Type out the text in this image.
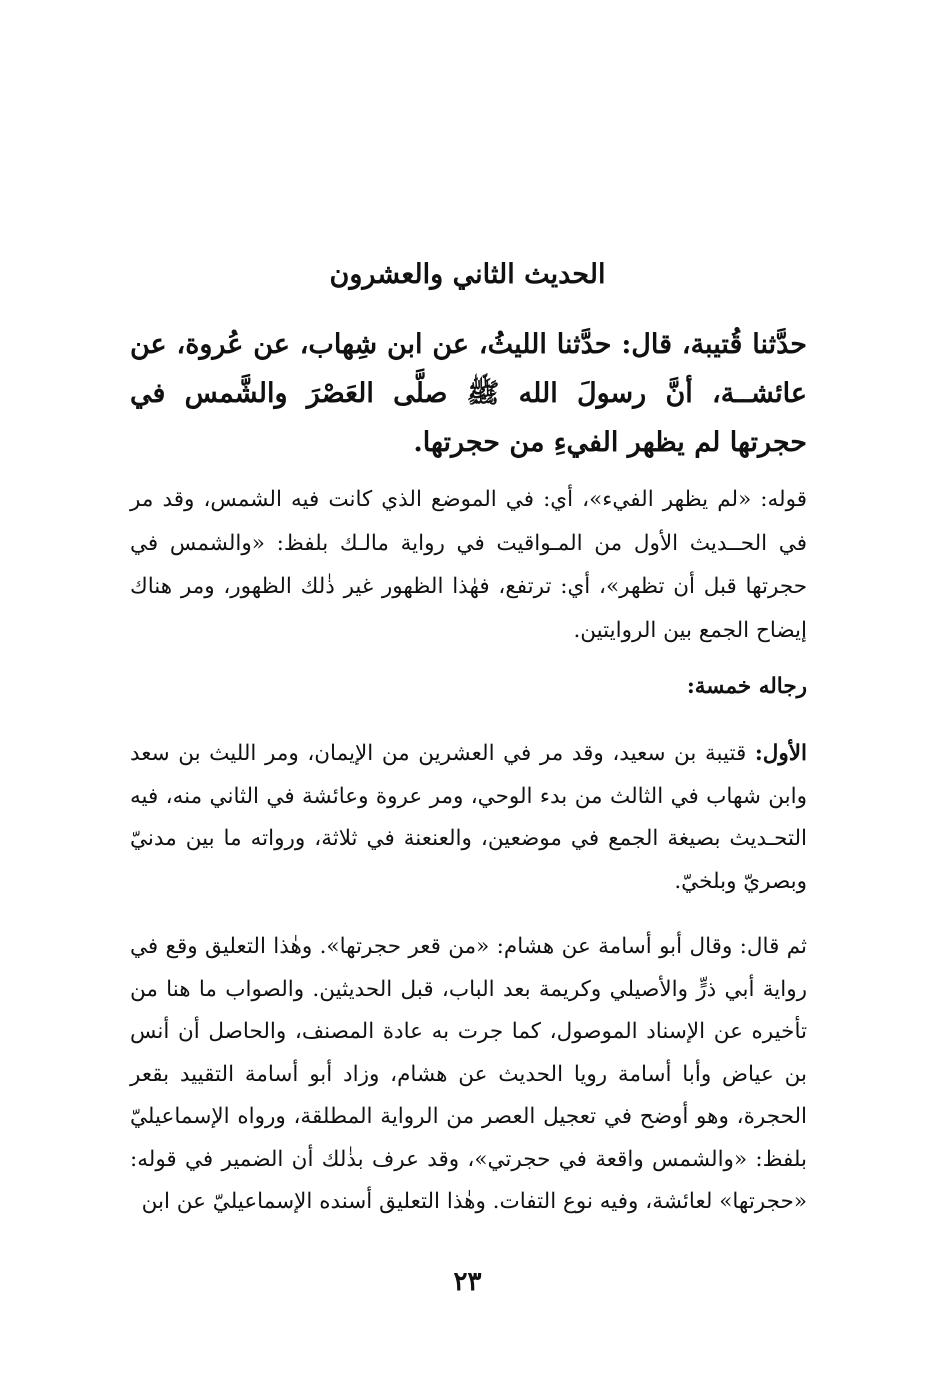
الحديث الثاني والعشرون

حدَّثنا قُتيبة، قال: حدَّثنا الليثُ، عن ابن شِهاب، عن عُروة، عن عائشــة، أنَّ رسولَ الله ﷺ صلَّى العَصْرَ والشَّمس في حجرتها لم يظهر الفيءِ من حجرتها.

قوله: «لم يظهر الفيء»، أي: في الموضع الذي كانت فيه الشمس، وقد مر في الحــديث الأول من المـواقيت في رواية مالـك بلفظ: «والشمس في حجرتها قبل أن تظهر»، أي: ترتفع، فهٰذا الظهور غير ذٰلك الظهور، ومر هناك إيضاح الجمع بين الروايتين.

رجاله خمسة:

الأول: قتيبة بن سعيد، وقد مر في العشرين من الإيمان، ومر الليث بن سعد وابن شهاب في الثالث من بدء الوحي، ومر عروة وعائشة في الثاني منه، فيه التحـديث بصيغة الجمع في موضعين، والعنعنة في ثلاثة، ورواته ما بين مدنيّ وبصريّ وبلخيّ.

ثم قال: وقال أبو أسامة عن هشام: «من قعر حجرتها». وهٰذا التعليق وقع في رواية أبي ذرٍّ والأصيلي وكريمة بعد الباب، قبل الحديثين. والصواب ما هنا من تأخيره عن الإسناد الموصول، كما جرت به عادة المصنف، والحاصل أن أنس بن عياض وأبا أسامة رويا الحديث عن هشام، وزاد أبو أسامة التقييد بقعر الحجرة، وهو أوضح في تعجيل العصر من الرواية المطلقة، ورواه الإسماعيليّ بلفظ: «والشمس واقعة في حجرتي»، وقد عرف بذٰلك أن الضمير في قوله: «حجرتها» لعائشة، وفيه نوع التفات. وهٰذا التعليق أسنده الإسماعيليّ عن ابن

٢٣
